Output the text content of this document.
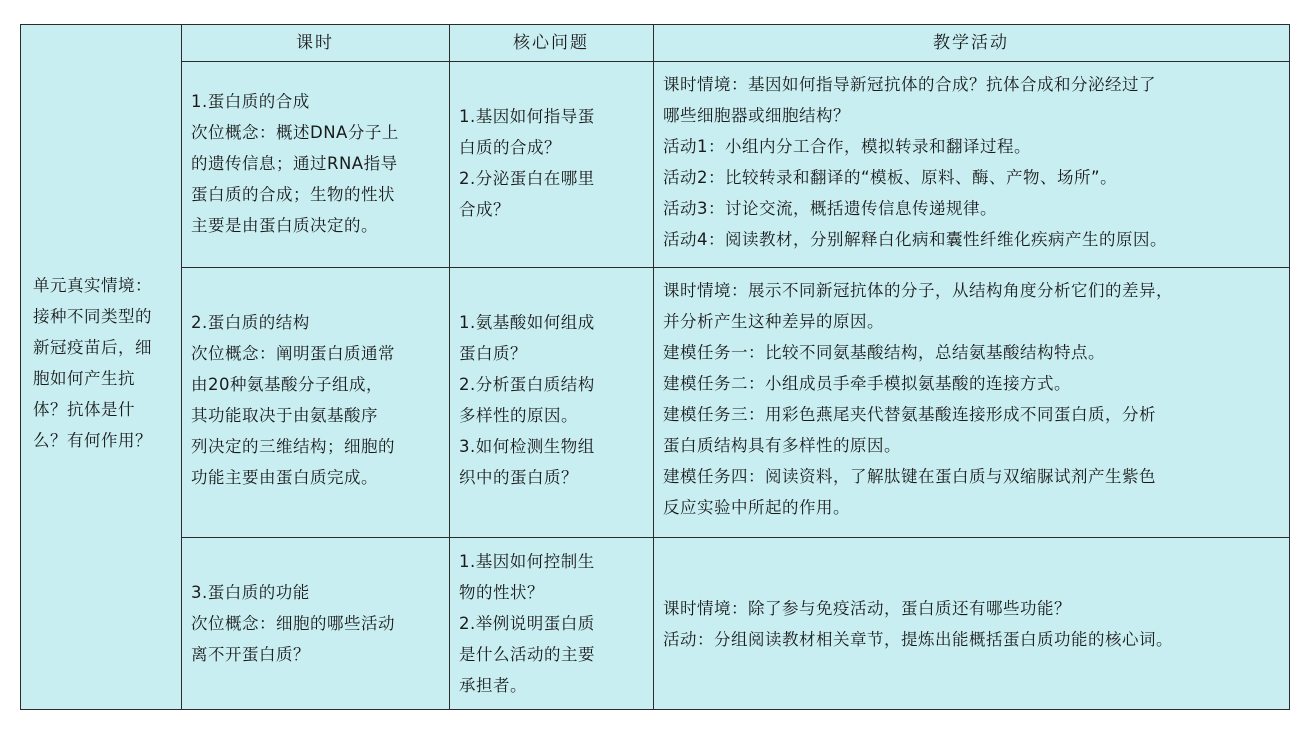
课时	核心问题	教学活动
单元真实情境：
接种不同类型的
新冠疫苗后，细
胞如何产生抗
体？抗体是什
么？有何作用？
1.蛋白质的合成
次位概念：概述DNA分子上
的遗传信息；通过RNA指导
蛋白质的合成；生物的性状
主要是由蛋白质决定的。
1.基因如何指导蛋
白质的合成？
2.分泌蛋白在哪里
合成？
课时情境：基因如何指导新冠抗体的合成？抗体合成和分泌经过了
哪些细胞器或细胞结构？
活动1：小组内分工合作，模拟转录和翻译过程。
活动2：比较转录和翻译的“模板、原料、酶、产物、场所”。
活动3：讨论交流，概括遗传信息传递规律。
活动4：阅读教材，分别解释白化病和囊性纤维化疾病产生的原因。
2.蛋白质的结构
次位概念：阐明蛋白质通常
由20种氨基酸分子组成，
其功能取决于由氨基酸序
列决定的三维结构；细胞的
功能主要由蛋白质完成。
1.氨基酸如何组成
蛋白质？
2.分析蛋白质结构
多样性的原因。
3.如何检测生物组
织中的蛋白质？
课时情境：展示不同新冠抗体的分子，从结构角度分析它们的差异，
并分析产生这种差异的原因。
建模任务一：比较不同氨基酸结构，总结氨基酸结构特点。
建模任务二：小组成员手牵手模拟氨基酸的连接方式。
建模任务三：用彩色燕尾夹代替氨基酸连接形成不同蛋白质，分析
蛋白质结构具有多样性的原因。
建模任务四：阅读资料，了解肽键在蛋白质与双缩脲试剂产生紫色
反应实验中所起的作用。
3.蛋白质的功能
次位概念：细胞的哪些活动
离不开蛋白质？
1.基因如何控制生
物的性状？
2.举例说明蛋白质
是什么活动的主要
承担者。
课时情境：除了参与免疫活动，蛋白质还有哪些功能？
活动：分组阅读教材相关章节，提炼出能概括蛋白质功能的核心词。
